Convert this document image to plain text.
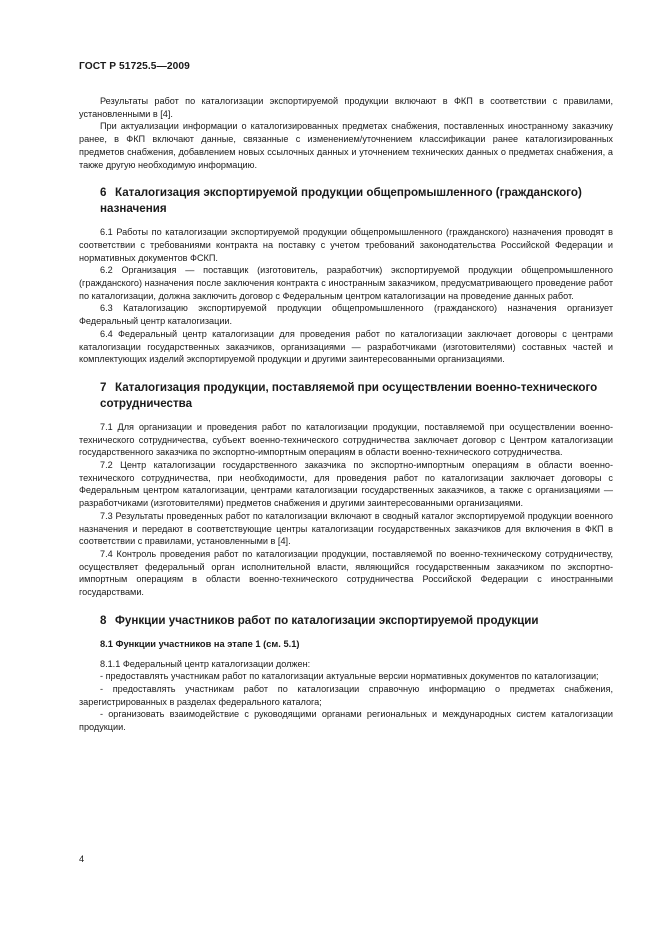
ГОСТ Р 51725.5—2009

Результаты работ по каталогизации экспортируемой продукции включают в ФКП в соответствии с правилами, установленными в [4].

При актуализации информации о каталогизированных предметах снабжения, поставленных иностранному заказчику ранее, в ФКП включают данные, связанные с изменением/уточнением классификации ранее каталогизированных предметов снабжения, добавлением новых ссылочных данных и уточнением технических данных о предметах снабжения, а также другую необходимую информацию.

6 Каталогизация экспортируемой продукции общепромышленного (гражданского) назначения

6.1 Работы по каталогизации экспортируемой продукции общепромышленного (гражданского) назначения проводят в соответствии с требованиями контракта на поставку с учетом требований законодательства Российской Федерации и нормативных документов ФСКП.

6.2 Организация — поставщик (изготовитель, разработчик) экспортируемой продукции общепромышленного (гражданского) назначения после заключения контракта с иностранным заказчиком, предусматривающего проведение работ по каталогизации, должна заключить договор с Федеральным центром каталогизации на проведение данных работ.

6.3 Каталогизацию экспортируемой продукции общепромышленного (гражданского) назначения организует Федеральный центр каталогизации.

6.4 Федеральный центр каталогизации для проведения работ по каталогизации заключает договоры с центрами каталогизации государственных заказчиков, организациями — разработчиками (изготовителями) составных частей и комплектующих изделий экспортируемой продукции и другими заинтересованными организациями.

7 Каталогизация продукции, поставляемой при осуществлении военно-технического сотрудничества

7.1 Для организации и проведения работ по каталогизации продукции, поставляемой при осуществлении военно-технического сотрудничества, субъект военно-технического сотрудничества заключает договор с Центром каталогизации государственного заказчика по экспортно-импортным операциям в области военно-технического сотрудничества.

7.2 Центр каталогизации государственного заказчика по экспортно-импортным операциям в области военно-технического сотрудничества, при необходимости, для проведения работ по каталогизации заключает договоры с Федеральным центром каталогизации, центрами каталогизации государственных заказчиков, а также с организациями — разработчиками (изготовителями) предметов снабжения и другими заинтересованными организациями.

7.3 Результаты проведенных работ по каталогизации включают в сводный каталог экспортируемой продукции военного назначения и передают в соответствующие центры каталогизации государственных заказчиков для включения в ФКП в соответствии с правилами, установленными в [4].

7.4 Контроль проведения работ по каталогизации продукции, поставляемой по военно-техническому сотрудничеству, осуществляет федеральный орган исполнительной власти, являющийся государственным заказчиком по экспортно-импортным операциям в области военно-технического сотрудничества Российской Федерации с иностранными государствами.

8 Функции участников работ по каталогизации экспортируемой продукции
8.1 Функции участников на этапе 1 (см. 5.1)

8.1.1 Федеральный центр каталогизации должен:

- предоставлять участникам работ по каталогизации актуальные версии нормативных документов по каталогизации;

- предоставлять участникам работ по каталогизации справочную информацию о предметах снабжения, зарегистрированных в разделах федерального каталога;

- организовать взаимодействие с руководящими органами региональных и международных систем каталогизации продукции.

4
